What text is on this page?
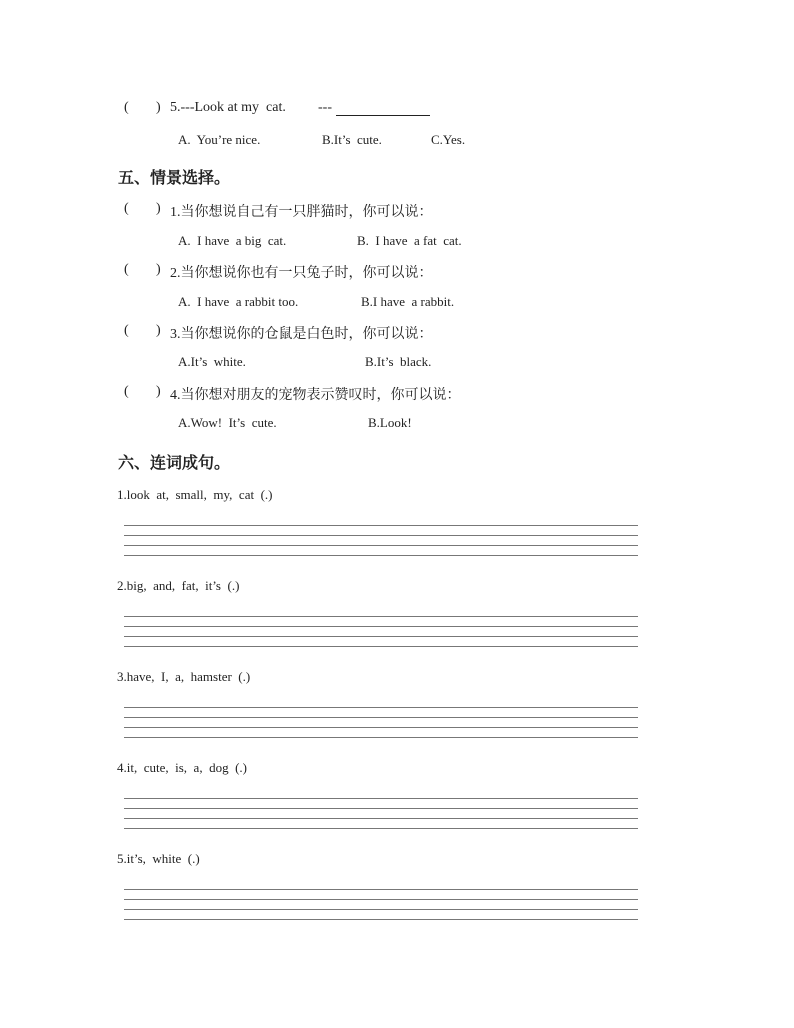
( ) 5.---Look at my  cat. ---
A.  You’re nice.	B.It’s  cute.	C.Yes.
五、情景选择。
( ) 1.当你想说自己有一只胖猫时，你可以说：
A.  I have  a big  cat.	B.  I have  a fat  cat.
( ) 2.当你想说你也有一只兔子时，你可以说：
A.  I have  a rabbit too.	B.I have  a rabbit.
( ) 3.当你想说你的仓鼠是白色时，你可以说：
A.It’s  white.	B.It’s  black.
( ) 4.当你想对朋友的宠物表示赞叹时，你可以说：
A.Wow!  It’s  cute.	B.Look!
六、连词成句。
1.look  at,  small,  my,  cat  (.)
2.big,  and,  fat,  it’s  (.)
3.have,  I,  a,  hamster  (.)
4.it,  cute,  is,  a,  dog  (.)
5.it’s,  white  (.)
